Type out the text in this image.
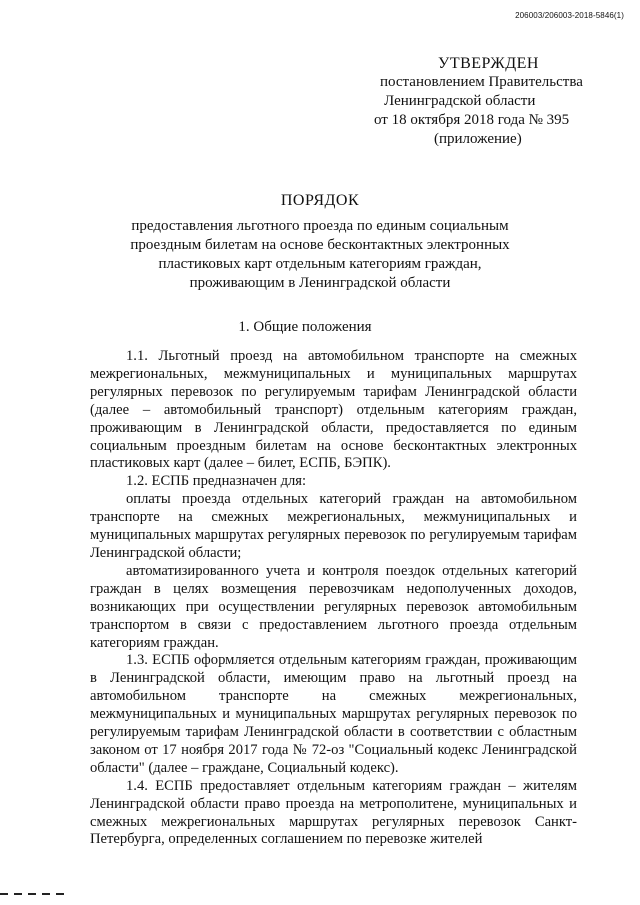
206003/206003-2018-5846(1)
УТВЕРЖДЕН
постановлением Правительства
Ленинградской области
от 18 октября 2018 года № 395
(приложение)
ПОРЯДОК
предоставления льготного проезда по единым социальным
проездным билетам на основе бесконтактных электронных
пластиковых карт отдельным категориям граждан,
проживающим в Ленинградской области
1. Общие положения

1.1. Льготный проезд на автомобильном транспорте на смежных межрегиональных, межмуниципальных и муниципальных маршрутах регулярных перевозок по регулируемым тарифам Ленинградской области (далее – автомобильный транспорт) отдельным категориям граждан, проживающим в Ленинградской области, предоставляется по единым социальным проездным билетам на основе бесконтактных электронных пластиковых карт (далее – билет, ЕСПБ, БЭПК).

1.2. ЕСПБ предназначен для:

оплаты проезда отдельных категорий граждан на автомобильном транспорте на смежных межрегиональных, межмуниципальных и муниципальных маршрутах регулярных перевозок по регулируемым тарифам Ленинградской области;

автоматизированного учета и контроля поездок отдельных категорий граждан в целях возмещения перевозчикам недополученных доходов, возникающих при осуществлении регулярных перевозок автомобильным транспортом в связи с предоставлением льготного проезда отдельным категориям граждан.

1.3. ЕСПБ оформляется отдельным категориям граждан, проживающим в Ленинградской области, имеющим право на льготный проезд на автомобильном транспорте на смежных межрегиональных, межмуниципальных и муниципальных маршрутах регулярных перевозок по регулируемым тарифам Ленинградской области в соответствии с областным законом от 17 ноября 2017 года № 72-оз "Социальный кодекс Ленинградской области" (далее – граждане, Социальный кодекс).

1.4. ЕСПБ предоставляет отдельным категориям граждан – жителям Ленинградской области право проезда на метрополитене, муниципальных и смежных межрегиональных маршрутах регулярных перевозок Санкт-Петербурга, определенных соглашением по перевозке жителей
